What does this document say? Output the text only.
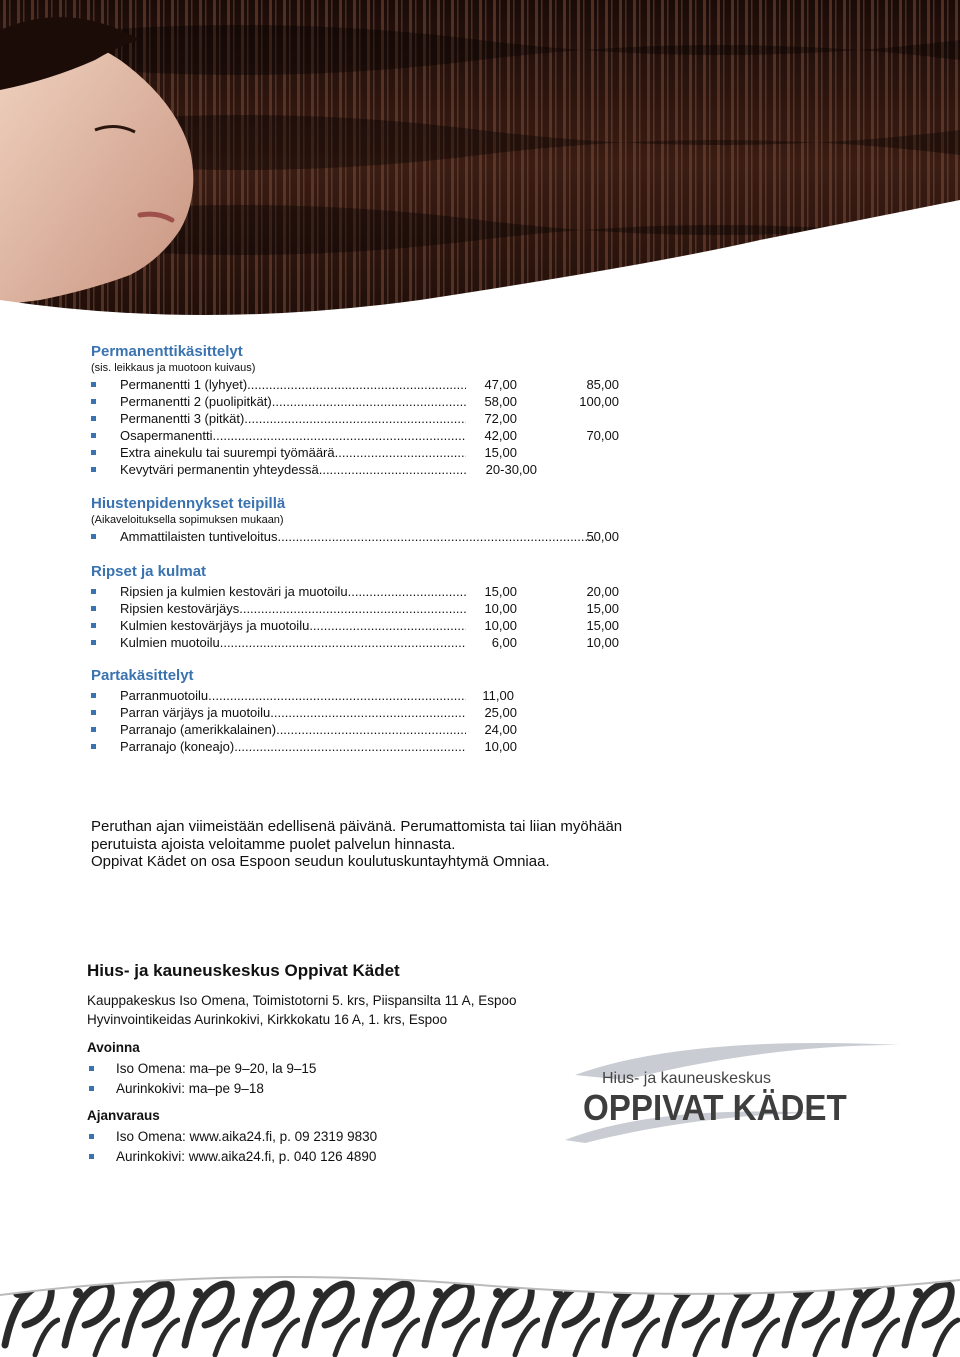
Permanenttikäsittelyt

(sis. leikkaus ja muotoon kuivaus)

Permanentti 1 (lyhyet) .....	47,00	85,00
Permanentti 2 (puolipitkät) .....	58,00	100,00
Permanentti 3 (pitkät) .....	72,00
Osapermanentti .....	42,00	70,00
Extra ainekulu tai suurempi työmäärä .....	15,00
Kevytväri permanentin yhteydessä .....	20-30,00

Hiustenpidennykset teipillä

(Aikaveloituksella sopimuksen mukaan)

Ammattilaisten tuntiveloitus .....	50,00

Ripset ja kulmat

Ripsien ja kulmien kestoväri ja muotoilu .....	15,00	20,00
Ripsien kestovärjäys .....	10,00	15,00
Kulmien kestovärjäys ja muotoilu .....	10,00	15,00
Kulmien muotoilu .....	6,00	10,00

Partakäsittelyt

Parranmuotoilu .....	11,00
Parran värjäys ja muotoilu .....	25,00
Parranajo (amerikkalainen) .....	24,00
Parranajo (koneajo) .....	10,00

Peruthan ajan viimeistään edellisenä päivänä. Perumattomista tai liian myöhään

perutuista ajoista veloitamme puolet palvelun hinnasta.

Oppivat Kädet on osa Espoon seudun koulutuskuntayhtymä Omniaa.

Hius- ja kauneuskeskus Oppivat Kädet

Kauppakeskus Iso Omena, Toimistotorni 5. krs, Piispansilta 11 A, Espoo

Hyvinvointikeidas Aurinkokivi, Kirkkokatu 16 A, 1. krs, Espoo

Avoinna

Iso Omena: ma–pe 9–20, la 9–15
Aurinkokivi: ma–pe 9–18

Ajanvaraus

Iso Omena: www.aika24.fi, p. 09 2319 9830
Aurinkokivi: www.aika24.fi, p. 040 126 4890
Hius- ja kauneuskeskus
OPPIVAT KÄDET
